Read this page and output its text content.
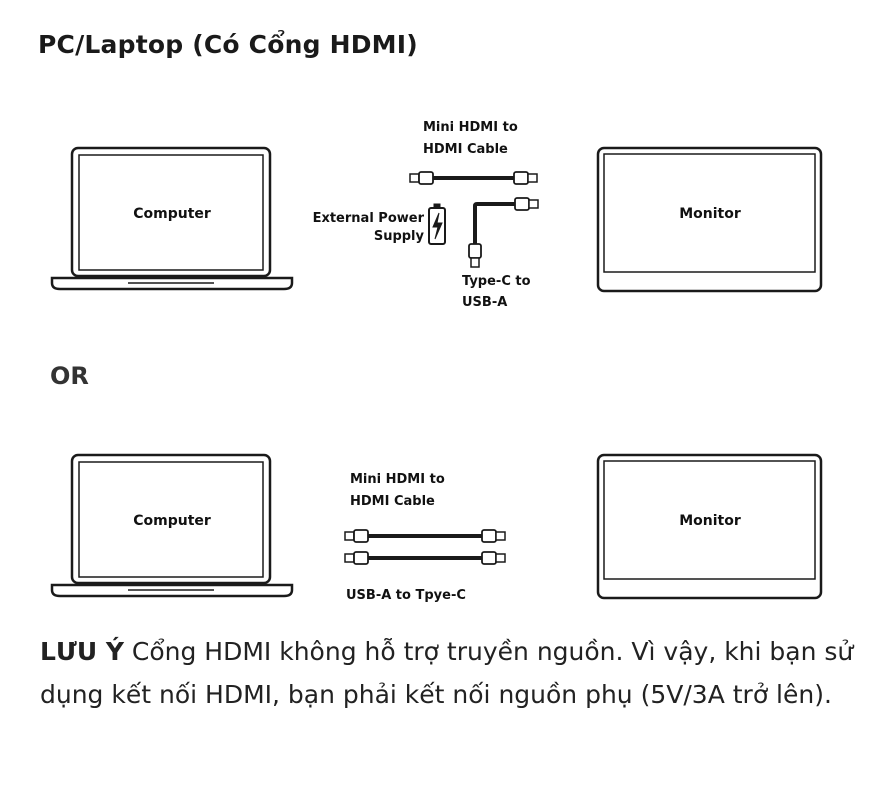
PC/Laptop (Có Cổng HDMI)
Computer
Mini HDMI to
HDMI Cable
External Power
Supply
Type-C to
USB-A
Monitor
Computer
Mini HDMI to
HDMI Cable
USB-A to Tpye-C
Monitor
OR
LƯU Ý Cổng HDMI không hỗ trợ truyền nguồn. Vì vậy, khi bạn sử dụng kết nối HDMI, bạn phải kết nối nguồn phụ (5V/3A trở lên).
